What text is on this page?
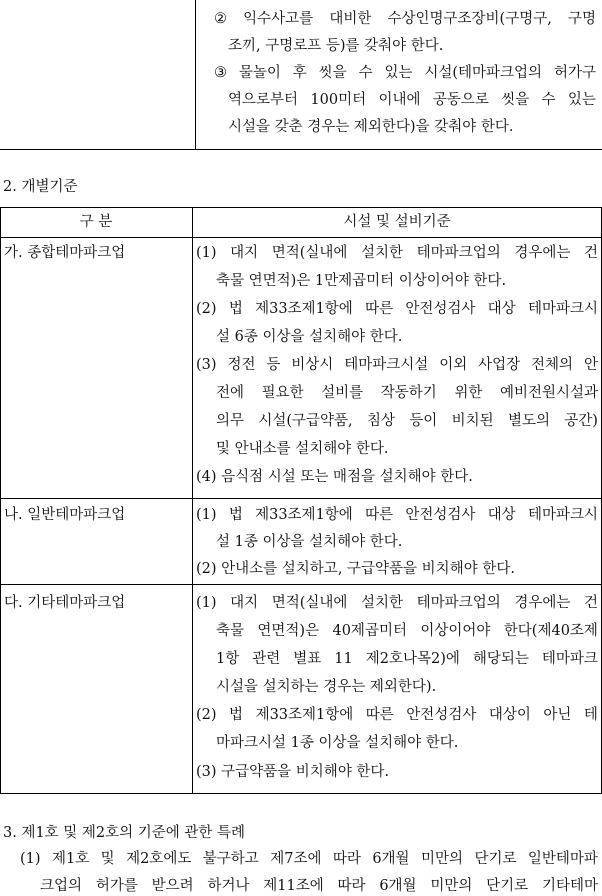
② 익수사고를 대비한 수상인명구조장비(구명구, 구명
조끼, 구명로프 등)를 갖춰야 한다.
③ 물놀이 후 씻을 수 있는 시설(테마파크업의 허가구
역으로부터 100미터 이내에 공동으로 씻을 수 있는
시설을 갖춘 경우는 제외한다)을 갖춰야 한다.
2. 개별기준
구 분	시설 및 설비기준
가. 종합테마파크업	(1) 대지 면적(실내에 설치한 테마파크업의 경우에는 건
축물 연면적)은 1만제곱미터 이상이어야 한다.
(2) 법 제33조제1항에 따른 안전성검사 대상 테마파크시
설 6종 이상을 설치해야 한다.
(3) 정전 등 비상시 테마파크시설 이외 사업장 전체의 안
전에 필요한 설비를 작동하기 위한 예비전원시설과
의무 시설(구급약품, 침상 등이 비치된 별도의 공간)
및 안내소를 설치해야 한다.
(4) 음식점 시설 또는 매점을 설치해야 한다.
나. 일반테마파크업	(1) 법 제33조제1항에 따른 안전성검사 대상 테마파크시
설 1종 이상을 설치해야 한다.
(2) 안내소를 설치하고, 구급약품을 비치해야 한다.
다. 기타테마파크업	(1) 대지 면적(실내에 설치한 테마파크업의 경우에는 건
축물 연면적)은 40제곱미터 이상이어야 한다(제40조제
1항 관련 별표 11 제2호나목2)에 해당되는 테마파크
시설을 설치하는 경우는 제외한다).
(2) 법 제33조제1항에 따른 안전성검사 대상이 아닌 테
마파크시설 1종 이상을 설치해야 한다.
(3) 구급약품을 비치해야 한다.
3. 제1호 및 제2호의 기준에 관한 특례
(1) 제1호 및 제2호에도 불구하고 제7조에 따라 6개월 미만의 단기로 일반테마파
크업의 허가를 받으려 하거나 제11조에 따라 6개월 미만의 단기로 기타테마
